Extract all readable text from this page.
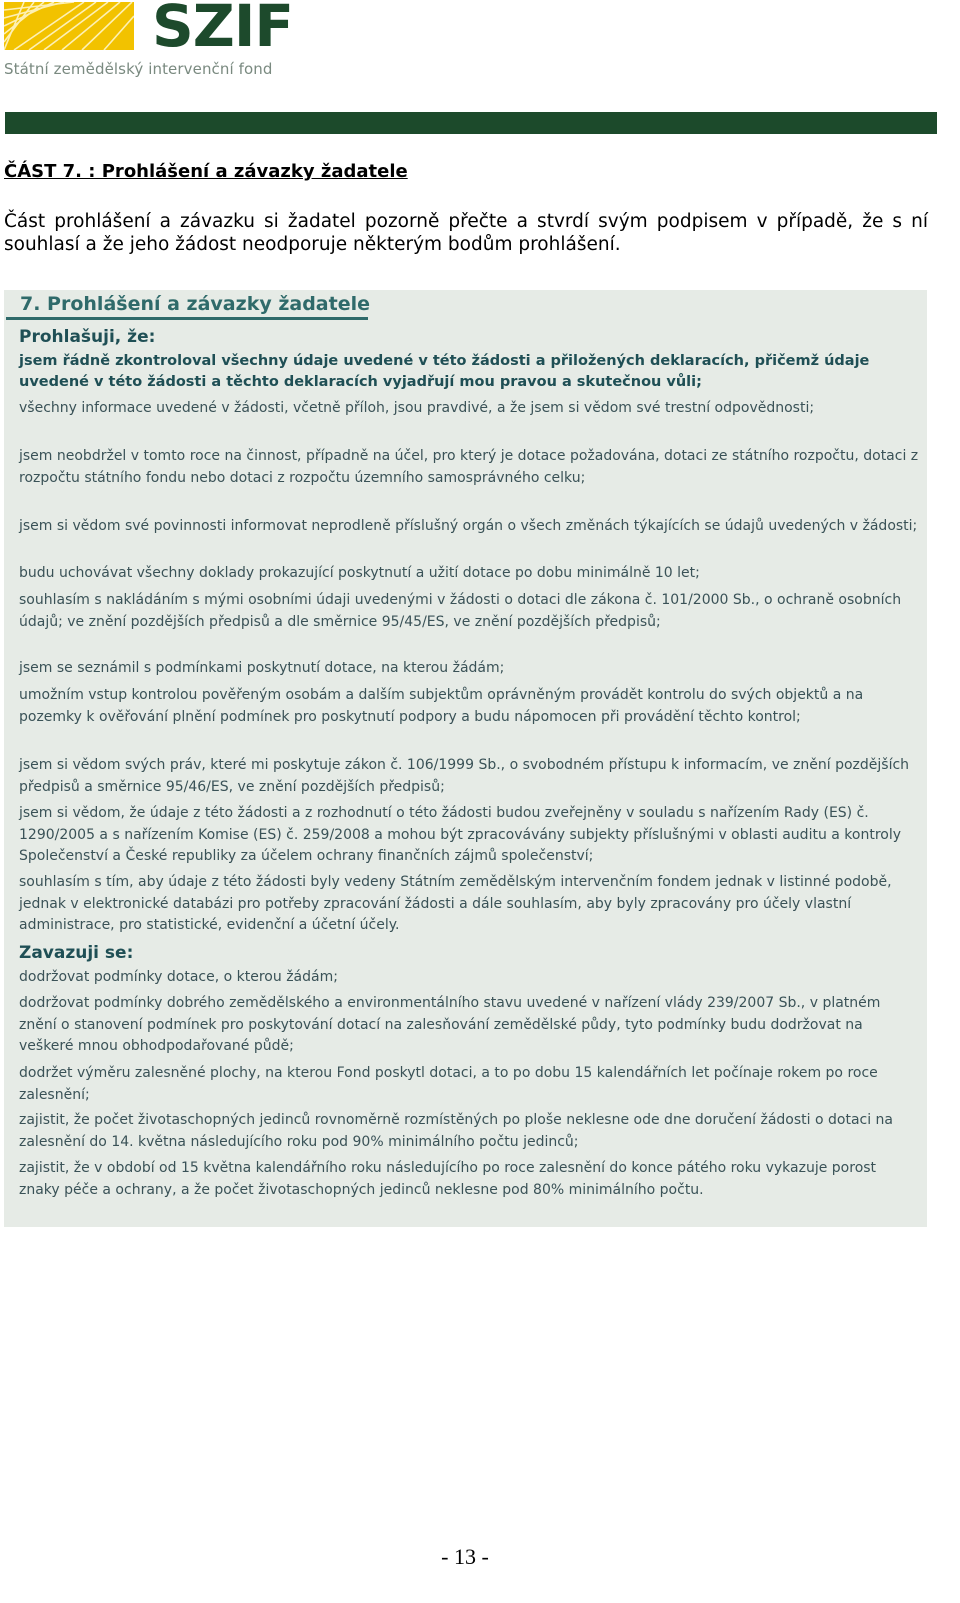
SZIF
Státní zemědělský intervenční fond
ČÁST 7. : Prohlášení a závazky žadatele
Část prohlášení a závazku si žadatel pozorně přečte a stvrdí svým podpisem v případě, že s ní souhlasí a že jeho žádost neodporuje některým bodům prohlášení.
7. Prohlášení a závazky žadatele
Prohlašuji, že:
jsem řádně zkontroloval všechny údaje uvedené v této žádosti a přiložených deklaracích, přičemž údaje uvedené v této žádosti a těchto deklaracích vyjadřují mou pravou a skutečnou vůli;
všechny informace uvedené v žádosti, včetně příloh, jsou pravdivé, a že jsem si vědom své trestní odpovědnosti;
jsem neobdržel v tomto roce na činnost, případně na účel, pro který je dotace požadována, dotaci ze státního rozpočtu, dotaci z rozpočtu státního fondu nebo dotaci z rozpočtu územního samosprávného celku;
jsem si vědom své povinnosti informovat neprodleně příslušný orgán o všech změnách týkajících se údajů uvedených v žádosti;
budu uchovávat všechny doklady prokazující poskytnutí a užití dotace po dobu minimálně 10 let;
souhlasím s nakládáním s mými osobními údaji uvedenými v žádosti o dotaci dle zákona č. 101/2000 Sb., o ochraně osobních údajů; ve znění pozdějších předpisů a dle směrnice 95/45/ES, ve znění pozdějších předpisů;
jsem se seznámil s podmínkami poskytnutí dotace, na kterou žádám;
umožním vstup kontrolou pověřeným osobám a dalším subjektům oprávněným provádět kontrolu do svých objektů a na pozemky k ověřování plnění podmínek pro poskytnutí podpory a budu nápomocen při provádění těchto kontrol;
jsem si vědom svých práv, které mi poskytuje zákon č. 106/1999 Sb., o svobodném přístupu k informacím, ve znění pozdějších předpisů a směrnice 95/46/ES, ve znění pozdějších předpisů;
jsem si vědom, že údaje z této žádosti a z rozhodnutí o této žádosti budou zveřejněny v souladu s nařízením Rady (ES) č. 1290/2005 a s nařízením Komise (ES) č. 259/2008 a mohou být zpracovávány subjekty příslušnými v oblasti auditu a kontroly Společenství a České republiky za účelem ochrany finančních zájmů společenství;
souhlasím s tím, aby údaje z této žádosti byly vedeny Státním zemědělským intervenčním fondem jednak v listinné podobě, jednak v elektronické databázi pro potřeby zpracování žádosti a dále souhlasím, aby byly zpracovány pro účely vlastní administrace, pro statistické, evidenční a účetní účely.
Zavazuji se:
dodržovat podmínky dotace, o kterou žádám;
dodržovat podmínky dobrého zemědělského a environmentálního stavu uvedené v nařízení vlády 239/2007 Sb., v platném znění o stanovení podmínek pro poskytování dotací na zalesňování zemědělské půdy, tyto podmínky budu dodržovat na veškeré mnou obhodpodařované půdě;
dodržet výměru zalesněné plochy, na kterou Fond poskytl dotaci, a to po dobu 15 kalendářních let počínaje rokem po roce zalesnění;
zajistit, že počet životaschopných jedinců rovnoměrně rozmístěných po ploše neklesne ode dne doručení žádosti o dotaci na zalesnění do 14. května následujícího roku pod 90% minimálního počtu jedinců;
zajistit, že v období od 15 května kalendářního roku následujícího po roce zalesnění do konce pátého roku vykazuje porost znaky péče a ochrany, a že počet životaschopných jedinců neklesne pod 80% minimálního počtu.
- 13 -
